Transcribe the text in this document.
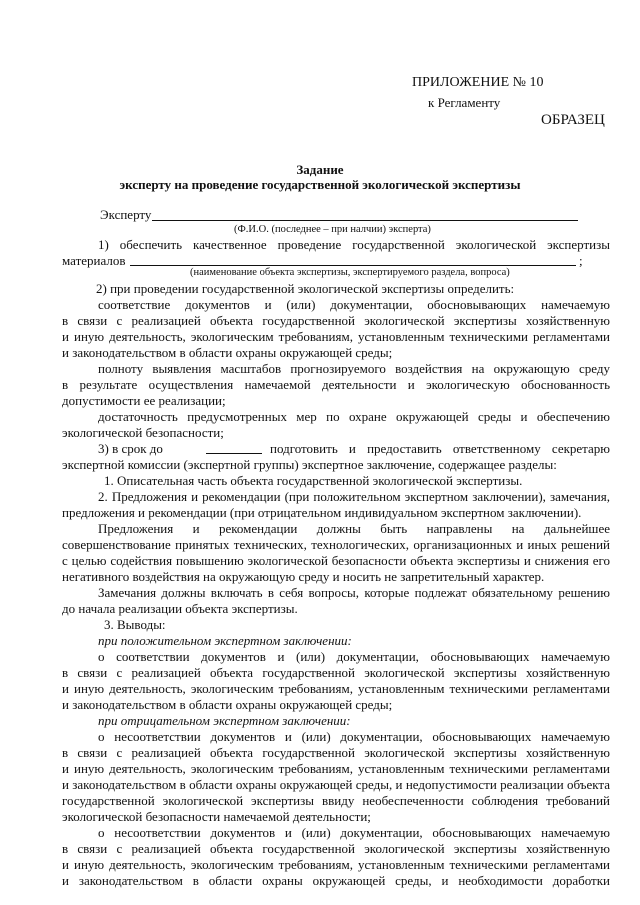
ПРИЛОЖЕНИЕ № 10
к Регламенту
ОБРАЗЕЦ
Задание
эксперту на проведение государственной экологической экспертизы
Эксперту
(Ф.И.О. (последнее – при налчии) эксперта)
1) обеспечить качественное проведение государственной экологической экспертизы
материалов	;
(наименование объекта экспертизы, экспертируемого раздела, вопроса)
2) при проведении государственной экологической экспертизы определить:
соответствие документов и (или) документации, обосновывающих намечаемую
в связи с реализацией объекта государственной экологической экспертизы хозяйственную
и иную деятельность, экологическим требованиям, установленным техническими регламентами
и законодательством в области охраны окружающей среды;
полноту выявления масштабов прогнозируемого воздействия на окружающую среду
в результате осуществления намечаемой деятельности и экологическую обоснованность
допустимости ее реализации;
достаточность предусмотренных мер по охране окружающей среды и обеспечению
экологической безопасности;
3) в срок до	подготовить и предоставить ответственному секретарю
экспертной комиссии (экспертной группы) экспертное заключение, содержащее разделы:
1. Описательная часть объекта государственной экологической экспертизы.
2. Предложения и рекомендации (при положительном экспертном заключении), замечания,
предложения и рекомендации (при отрицательном индивидуальном экспертном заключении).
Предложения и рекомендации должны быть направлены на дальнейшее
совершенствование принятых технических, технологических, организационных и иных решений
с целью содействия повышению экологической безопасности объекта экспертизы и снижения его
негативного воздействия на окружающую среду и носить не запретительный характер.
Замечания должны включать в себя вопросы, которые подлежат обязательному решению
до начала реализации объекта экспертизы.
3. Выводы:
при положительном экспертном заключении:
о соответствии документов и (или) документации, обосновывающих намечаемую
в связи с реализацией объекта государственной экологической экспертизы хозяйственную
и иную деятельность, экологическим требованиям, установленным техническими регламентами
и законодательством в области охраны окружающей среды;
при отрицательном экспертном заключении:
о несоответствии документов и (или) документации, обосновывающих намечаемую
в связи с реализацией объекта государственной экологической экспертизы хозяйственную
и иную деятельность, экологическим требованиям, установленным техническими регламентами
и законодательством в области охраны окружающей среды, и недопустимости реализации объекта
государственной экологической экспертизы ввиду необеспеченности соблюдения требований
экологической безопасности намечаемой деятельности;
о несоответствии документов и (или) документации, обосновывающих намечаемую
в связи с реализацией объекта государственной экологической экспертизы хозяйственную
и иную деятельность, экологическим требованиям, установленным техническими регламентами
и законодательством в области охраны окружающей среды, и необходимости доработки
